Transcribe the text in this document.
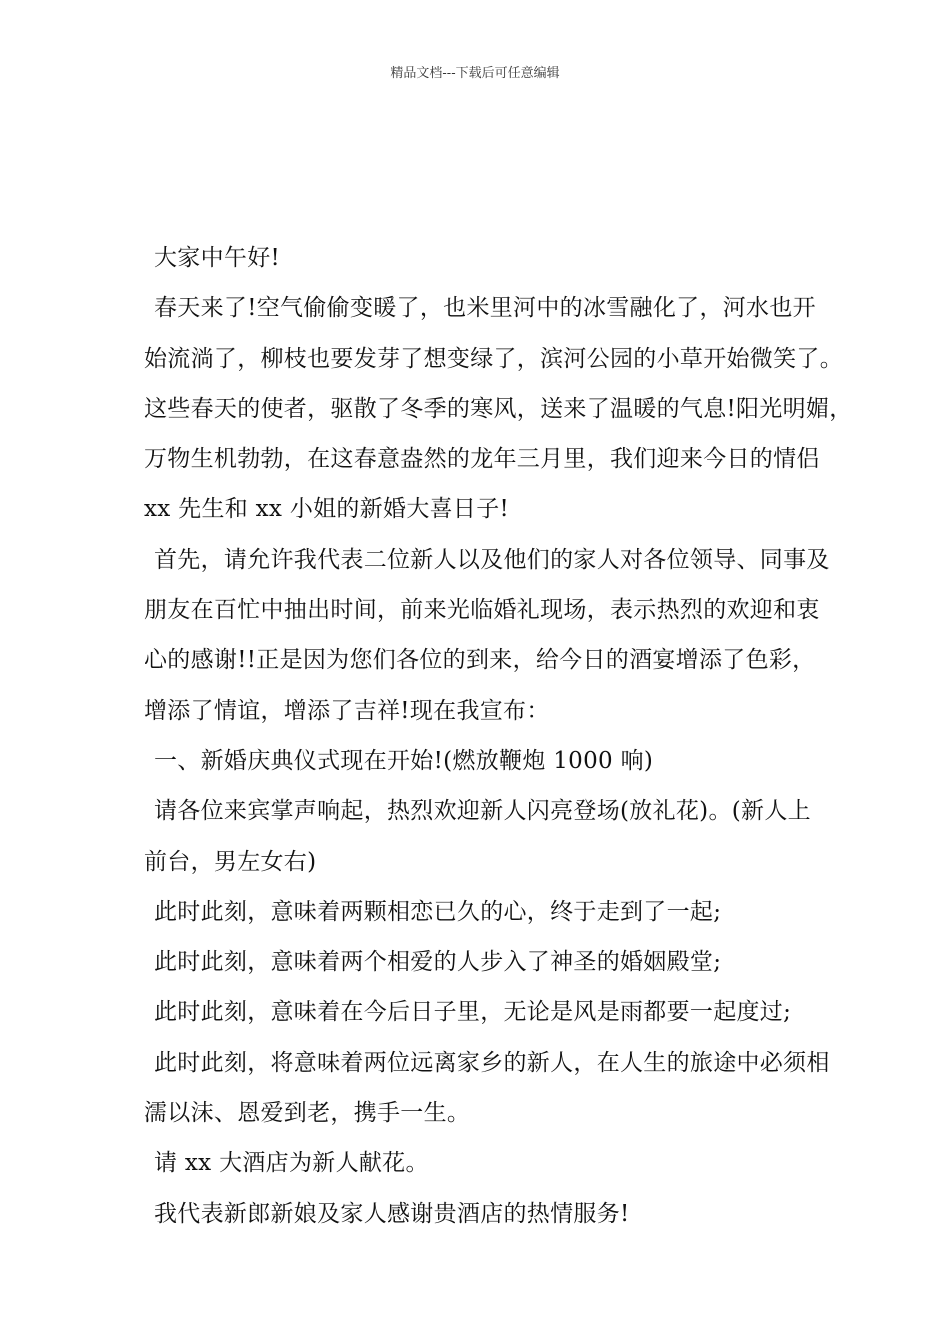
精品文档---下载后可任意编辑

大家中午好!

春天来了!空气偷偷变暖了，也米里河中的冰雪融化了，河水也开
始流淌了，柳枝也要发芽了想变绿了，滨河公园的小草开始微笑了。
这些春天的使者，驱散了冬季的寒风，送来了温暖的气息!阳光明媚，
万物生机勃勃，在这春意盎然的龙年三月里，我们迎来今日的情侣
xx 先生和 xx 小姐的新婚大喜日子!

首先，请允许我代表二位新人以及他们的家人对各位领导、同事及
朋友在百忙中抽出时间，前来光临婚礼现场，表示热烈的欢迎和衷
心的感谢!!正是因为您们各位的到来，给今日的酒宴增添了色彩，
增添了情谊，增添了吉祥!现在我宣布：

一、新婚庆典仪式现在开始!(燃放鞭炮 1000 响)

请各位来宾掌声响起，热烈欢迎新人闪亮登场(放礼花)。(新人上
前台，男左女右)

此时此刻，意味着两颗相恋已久的心，终于走到了一起;

此时此刻，意味着两个相爱的人步入了神圣的婚姻殿堂;

此时此刻，意味着在今后日子里，无论是风是雨都要一起度过;

此时此刻，将意味着两位远离家乡的新人，在人生的旅途中必须相
濡以沫、恩爱到老，携手一生。

请 xx 大酒店为新人献花。

我代表新郎新娘及家人感谢贵酒店的热情服务!
